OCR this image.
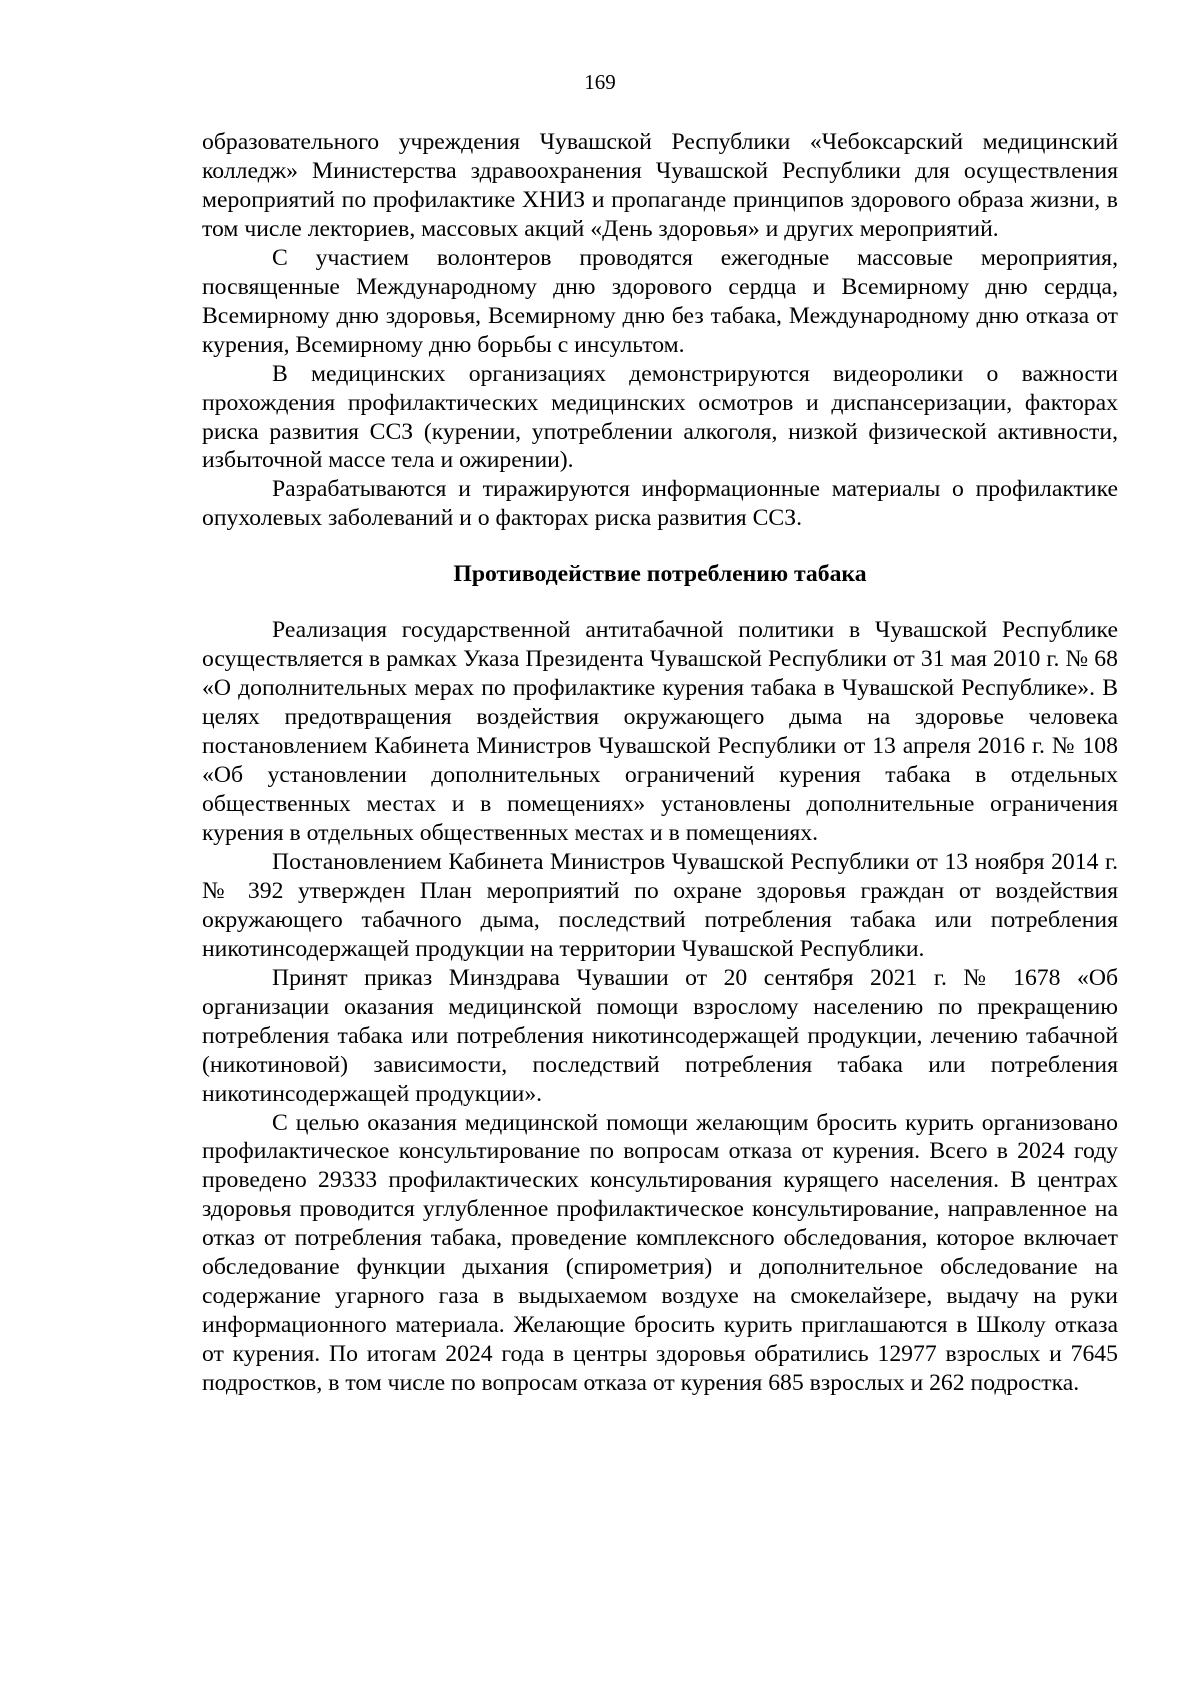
169

образовательного учреждения Чувашской Республики «Чебоксарский медицинский колледж» Министерства здравоохранения Чувашской Республики для осуществления мероприятий по профилактике ХНИЗ и пропаганде принципов здорового образа жизни, в том числе лекториев, массовых акций «День здоровья» и других мероприятий.

С участием волонтеров проводятся ежегодные массовые мероприятия, посвященные Международному дню здорового сердца и Всемирному дню сердца, Всемирному дню здоровья, Всемирному дню без табака, Международному дню отказа от курения, Всемирному дню борьбы с инсультом.

В медицинских организациях демонстрируются видеоролики о важности прохождения профилактических медицинских осмотров и диспансеризации, факторах риска развития ССЗ (курении, употреблении алкоголя, низкой физической активности, избыточной массе тела и ожирении).

Разрабатываются и тиражируются информационные материалы о профилактике опухолевых заболеваний и о факторах риска развития ССЗ.

Противодействие потреблению табака

Реализация государственной антитабачной политики в Чувашской Республике осуществляется в рамках Указа Президента Чувашской Республики от 31 мая 2010 г. № 68 «О дополнительных мерах по профилактике курения табака в Чувашской Республике». В целях предотвращения воздействия окружающего дыма на здоровье человека постановлением Кабинета Министров Чувашской Республики от 13 апреля 2016 г. № 108 «Об установлении дополнительных ограничений курения табака в отдельных общественных местах и в помещениях» установлены дополнительные ограничения курения в отдельных общественных местах и в помещениях.

Постановлением Кабинета Министров Чувашской Республики от 13 ноября 2014 г. № 392 утвержден План мероприятий по охране здоровья граждан от воздействия окружающего табачного дыма, последствий потребления табака или потребления никотинсодержащей продукции на территории Чувашской Республики.

Принят приказ Минздрава Чувашии от 20 сентября 2021 г. № 1678 «Об организации оказания медицинской помощи взрослому населению по прекращению потребления табака или потребления никотинсодержащей продукции, лечению табачной (никотиновой) зависимости, последствий потребления табака или потребления никотинсодержащей продукции».

С целью оказания медицинской помощи желающим бросить курить организовано профилактическое консультирование по вопросам отказа от курения. Всего в 2024 году проведено 29333 профилактических консультирования курящего населения. В центрах здоровья проводится углубленное профилактическое консультирование, направленное на отказ от потребления табака, проведение комплексного обследования, которое включает обследование функции дыхания (спирометрия) и дополнительное обследование на содержание угарного газа в выдыхаемом воздухе на смокелайзере, выдачу на руки информационного материала. Желающие бросить курить приглашаются в Школу отказа от курения. По итогам 2024 года в центры здоровья обратились 12977 взрослых и 7645 подростков, в том числе по вопросам отказа от курения 685 взрослых и 262 подростка.
